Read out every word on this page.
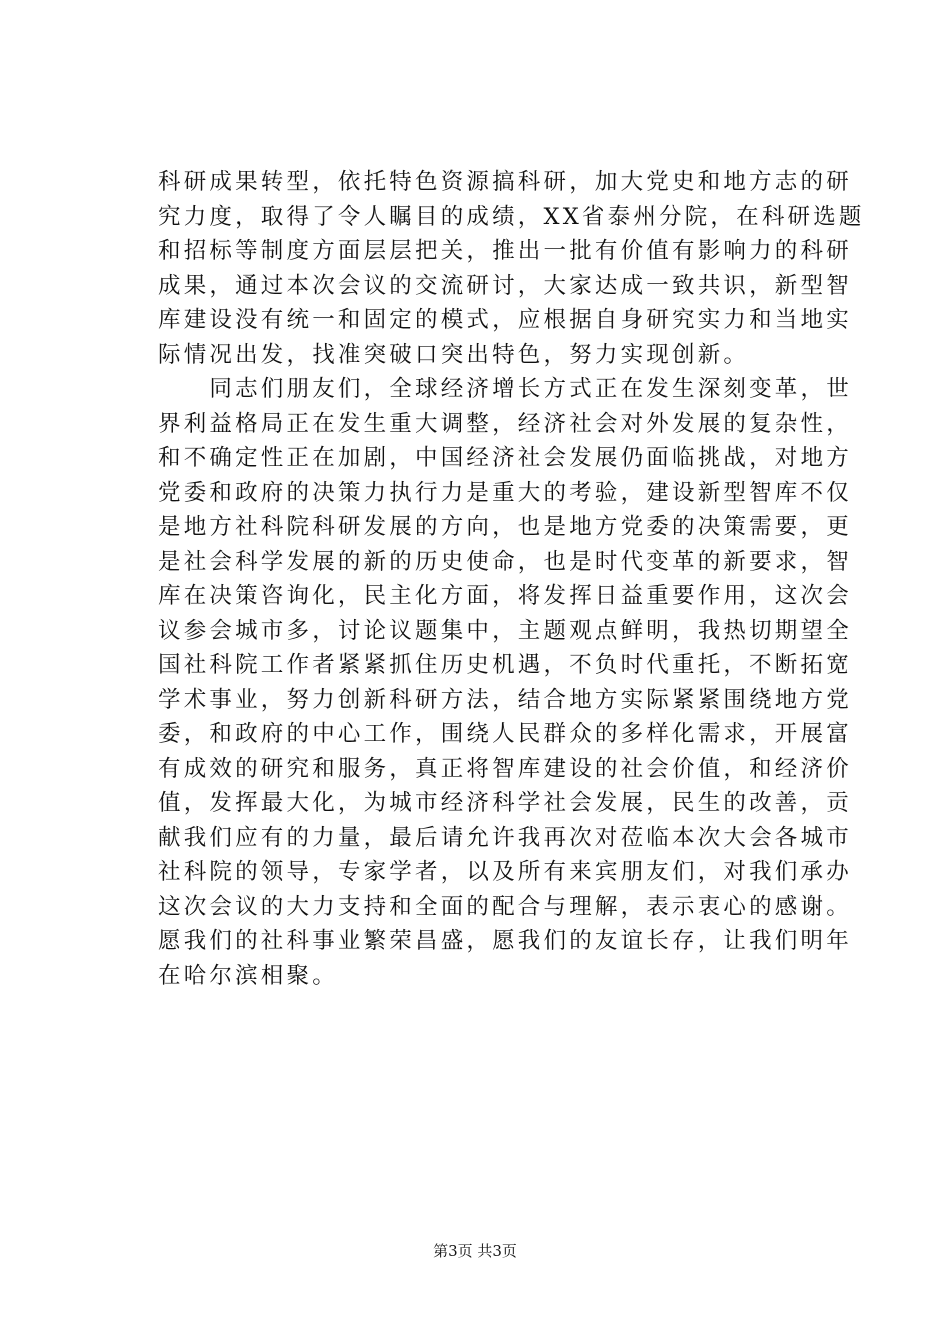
科研成果转型，依托特色资源搞科研，加大党史和地方志的研
究力度，取得了令人瞩目的成绩，XX省泰州分院，在科研选题
和招标等制度方面层层把关，推出一批有价值有影响力的科研
成果，通过本次会议的交流研讨，大家达成一致共识，新型智
库建设没有统一和固定的模式，应根据自身研究实力和当地实
际情况出发，找准突破口突出特色，努力实现创新。
　　同志们朋友们，全球经济增长方式正在发生深刻变革，世
界利益格局正在发生重大调整，经济社会对外发展的复杂性，
和不确定性正在加剧，中国经济社会发展仍面临挑战，对地方
党委和政府的决策力执行力是重大的考验，建设新型智库不仅
是地方社科院科研发展的方向，也是地方党委的决策需要，更
是社会科学发展的新的历史使命，也是时代变革的新要求，智
库在决策咨询化，民主化方面，将发挥日益重要作用，这次会
议参会城市多，讨论议题集中，主题观点鲜明，我热切期望全
国社科院工作者紧紧抓住历史机遇，不负时代重托，不断拓宽
学术事业，努力创新科研方法，结合地方实际紧紧围绕地方党
委，和政府的中心工作，围绕人民群众的多样化需求，开展富
有成效的研究和服务，真正将智库建设的社会价值，和经济价
值，发挥最大化，为城市经济科学社会发展，民生的改善，贡
献我们应有的力量，最后请允许我再次对莅临本次大会各城市
社科院的领导，专家学者，以及所有来宾朋友们，对我们承办
这次会议的大力支持和全面的配合与理解，表示衷心的感谢。
愿我们的社科事业繁荣昌盛，愿我们的友谊长存，让我们明年
在哈尔滨相聚。
第3页 共3页
